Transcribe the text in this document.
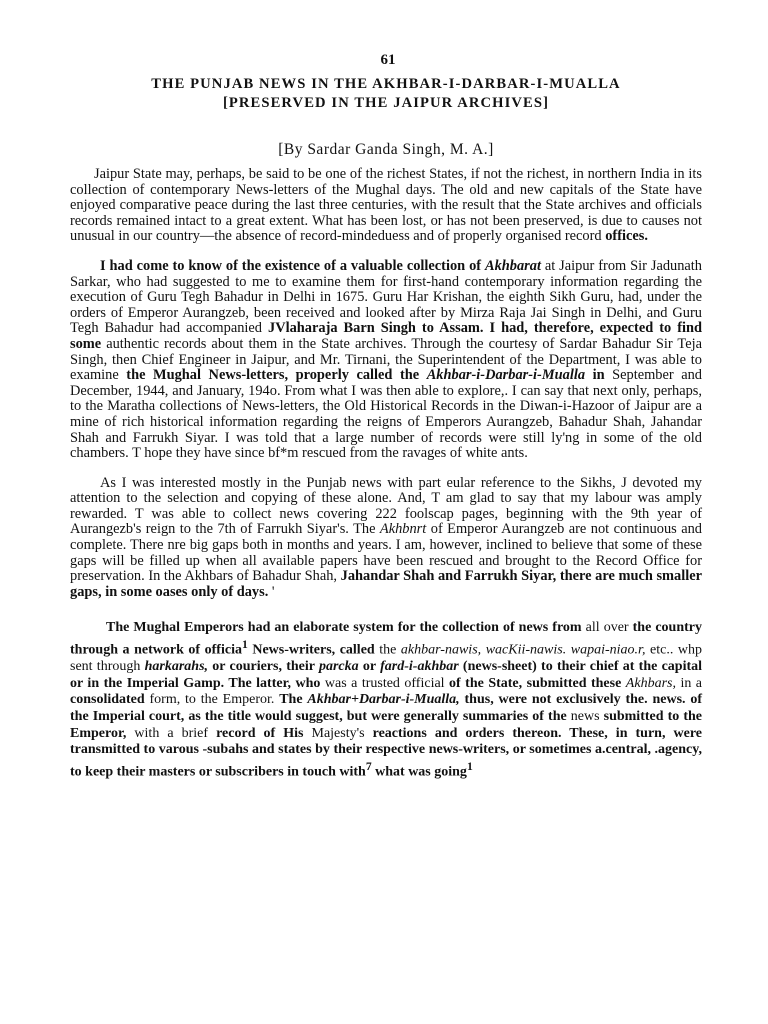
61
THE PUNJAB NEWS IN THE AKHBAR-I-DARBAR-I-MUALLA
[PRESERVED IN THE JAIPUR ARCHIVES]
[By Sardar Ganda Singh, M. A.]

Jaipur State may, perhaps, be said to be one of the richest States, if not the richest, in northern India in its collection of contemporary News-letters of the Mughal days. The old and new capitals of the State have enjoyed comparative peace during the last three centuries, with the result that the State archives and officials records remained intact to a great extent. What has been lost, or has not been preserved, is due to causes not unusual in our country—the absence of record-mindeduess and of properly organised record offices.

I had come to know of the existence of a valuable collection of Akhbarat at Jaipur from Sir Jadunath Sarkar, who had suggested to me to examine them for first-hand contemporary information regarding the execution of Guru Tegh Bahadur in Delhi in 1675. Guru Har Krishan, the eighth Sikh Guru, had, under the orders of Emperor Aurangzeb, been received and looked after by Mirza Raja Jai Singh in Delhi, and Guru Tegh Bahadur had accompanied JVlaharaja Barn Singh to Assam. I had, therefore, expected to find some authentic records about them in the State archives. Through the courtesy of Sardar Bahadur Sir Teja Singh, then Chief Engineer in Jaipur, and Mr. Tirnani, the Superintendent of the Department, I was able to examine the Mughal News-letters, properly called the Akhbar-i-Darbar-i-Mualla in September and December, 1944, and January, 194o. From what I was then able to explore,. I can say that next only, perhaps, to the Maratha collections of News-letters, the Old Historical Records in the Diwan-i-Hazoor of Jaipur are a mine of rich historical information regarding the reigns of Emperors Aurangzeb, Bahadur Shah, Jahandar Shah and Farrukh Siyar. I was told that a large number of records were still ly'ng in some of the old chambers. T hope they have since bf*m rescued from the ravages of white ants.

As I was interested mostly in the Punjab news with part eular reference to the Sikhs, J devoted my attention to the selection and copying of these alone. And, T am glad to say that my labour was amply rewarded. T was able to collect news covering 222 foolscap pages, beginning with the 9th year of Aurangezb's reign to the 7th of Farrukh Siyar's. The Akhbnrt of Emperor Aurangzeb are not continuous and complete. There nre big gaps both in months and years. I am, however, inclined to believe that some of these gaps will be filled up when all available papers have been rescued and brought to the Record Office for preservation. In the Akhbars of Bahadur Shah, Jahandar Shah and Farrukh Siyar, there are much smaller gaps, in some oases only of days. '

The Mughal Emperors had an elaborate system for the collection of news from all over the country through a network of officia$^1$ News-writers, called the akhbar-nawis, wacKii-nawis. wapai-niao.r, etc.. whp sent through harkarahs, or couriers, their parcka or fard-i-akhbar (news-sheet) to their chief at the capital or in the Imperial Gamp. The latter, who was a trusted official of the State, submitted these Akhbars, in a consolidated form, to the Emperor. The Akhbar+Darbar-i-Mualla, thus, were not exclusively the. news. of the Imperial court, as the title would suggest, but were generally summaries of the news submitted to the Emperor, with a brief record of His Majesty's reactions and orders thereon. These, in turn, were transmitted to varous -subahs and states by their respective news-writers, or sometimes a.central, .agency, to keep their masters or subscribers in touch with$^7$ what was going$^1$
